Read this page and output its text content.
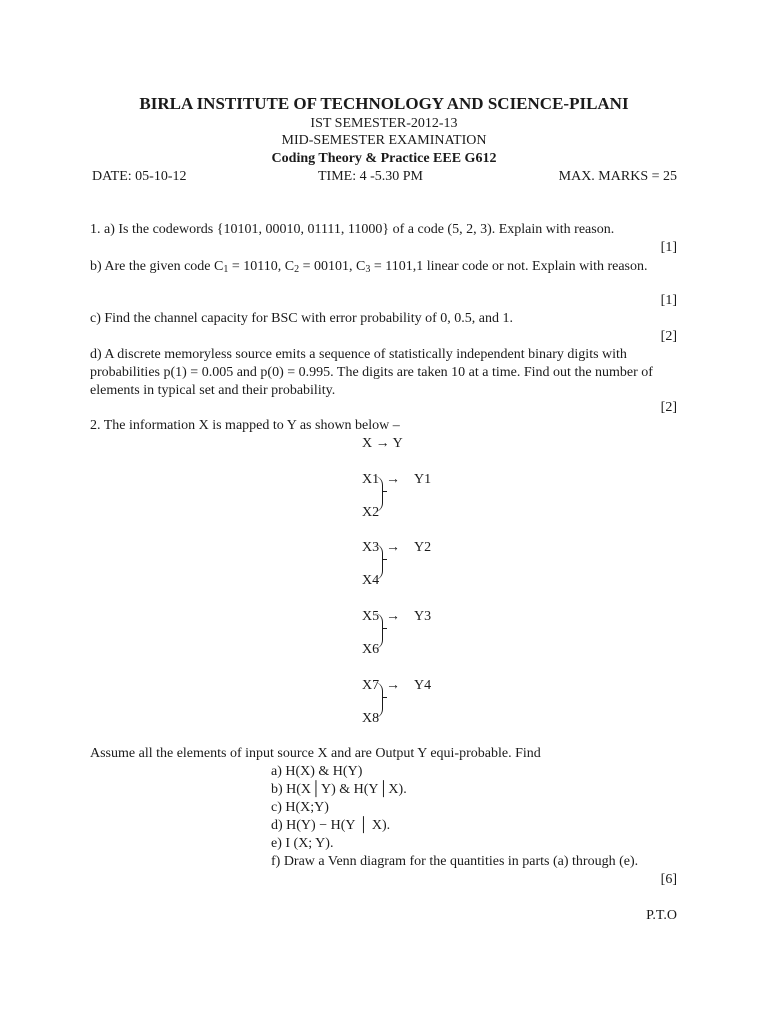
BIRLA INSTITUTE OF TECHNOLOGY AND SCIENCE-PILANI
IST SEMESTER-2012-13
MID-SEMESTER EXAMINATION
Coding Theory & Practice EEE G612
DATE: 05-10-12	TIME: 4 -5.30 PM	MAX. MARKS = 25
1. a) Is the codewords {10101, 00010, 01111, 11000} of a code (5, 2, 3). Explain with reason.
[1]
b) Are the given code $C_1 = 10110$, $C_2 = 00101$, $C_3 = 1101,1$ linear code or not. Explain with reason.
[1]
c) Find the channel capacity for BSC with error probability of 0, 0.5, and 1.
[2]
d) A discrete memoryless source emits a sequence of statistically independent binary digits with probabilities p(1) = 0.005 and p(0) = 0.995. The digits are taken 10 at a time. Find out the number of elements in typical set and their probability.
[2]
2. The information X is mapped to Y as shown below –
X → Y
X1
X2
→ Y1
X3
X4
→ Y2
X5
X6
→ Y3
X7
X8
→ Y4
Assume all the elements of input source X and are Output Y equi-probable. Find
a) H(X) & H(Y)
b) H(X│Y) & H(Y│X).
c) H(X;Y)
d) H(Y) − H(Y │ X).
e) I (X; Y).
f) Draw a Venn diagram for the quantities in parts (a) through (e).
[6]
P.T.O
